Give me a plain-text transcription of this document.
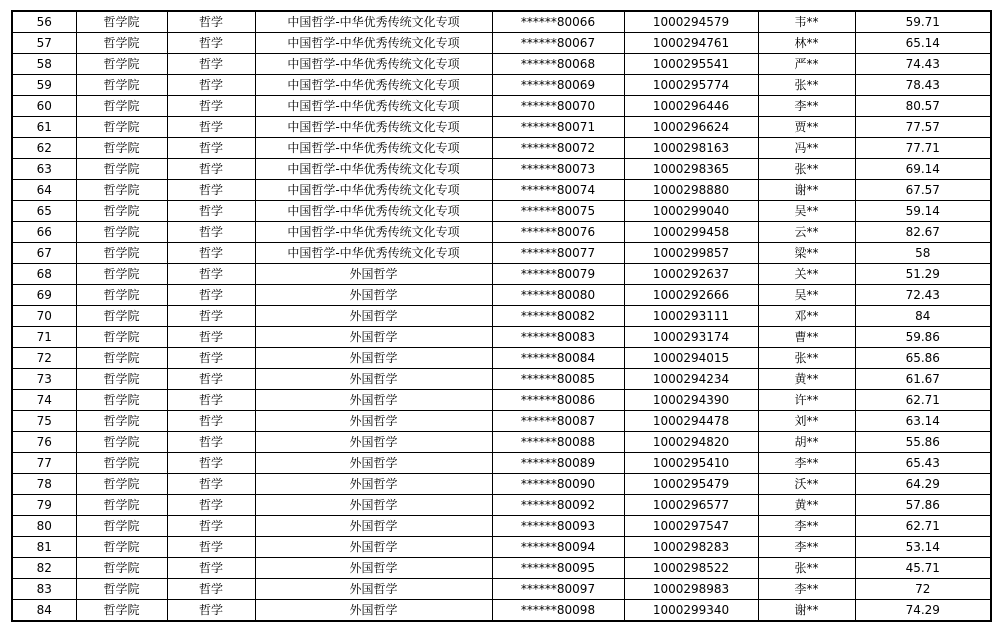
56	哲学院	哲学	中国哲学-中华优秀传统文化专项	******80066	1000294579	韦**	59.71
57	哲学院	哲学	中国哲学-中华优秀传统文化专项	******80067	1000294761	林**	65.14
58	哲学院	哲学	中国哲学-中华优秀传统文化专项	******80068	1000295541	严**	74.43
59	哲学院	哲学	中国哲学-中华优秀传统文化专项	******80069	1000295774	张**	78.43
60	哲学院	哲学	中国哲学-中华优秀传统文化专项	******80070	1000296446	李**	80.57
61	哲学院	哲学	中国哲学-中华优秀传统文化专项	******80071	1000296624	贾**	77.57
62	哲学院	哲学	中国哲学-中华优秀传统文化专项	******80072	1000298163	冯**	77.71
63	哲学院	哲学	中国哲学-中华优秀传统文化专项	******80073	1000298365	张**	69.14
64	哲学院	哲学	中国哲学-中华优秀传统文化专项	******80074	1000298880	谢**	67.57
65	哲学院	哲学	中国哲学-中华优秀传统文化专项	******80075	1000299040	吴**	59.14
66	哲学院	哲学	中国哲学-中华优秀传统文化专项	******80076	1000299458	云**	82.67
67	哲学院	哲学	中国哲学-中华优秀传统文化专项	******80077	1000299857	梁**	58
68	哲学院	哲学	外国哲学	******80079	1000292637	关**	51.29
69	哲学院	哲学	外国哲学	******80080	1000292666	吴**	72.43
70	哲学院	哲学	外国哲学	******80082	1000293111	邓**	84
71	哲学院	哲学	外国哲学	******80083	1000293174	曹**	59.86
72	哲学院	哲学	外国哲学	******80084	1000294015	张**	65.86
73	哲学院	哲学	外国哲学	******80085	1000294234	黄**	61.67
74	哲学院	哲学	外国哲学	******80086	1000294390	许**	62.71
75	哲学院	哲学	外国哲学	******80087	1000294478	刘**	63.14
76	哲学院	哲学	外国哲学	******80088	1000294820	胡**	55.86
77	哲学院	哲学	外国哲学	******80089	1000295410	李**	65.43
78	哲学院	哲学	外国哲学	******80090	1000295479	沃**	64.29
79	哲学院	哲学	外国哲学	******80092	1000296577	黄**	57.86
80	哲学院	哲学	外国哲学	******80093	1000297547	李**	62.71
81	哲学院	哲学	外国哲学	******80094	1000298283	李**	53.14
82	哲学院	哲学	外国哲学	******80095	1000298522	张**	45.71
83	哲学院	哲学	外国哲学	******80097	1000298983	李**	72
84	哲学院	哲学	外国哲学	******80098	1000299340	谢**	74.29
